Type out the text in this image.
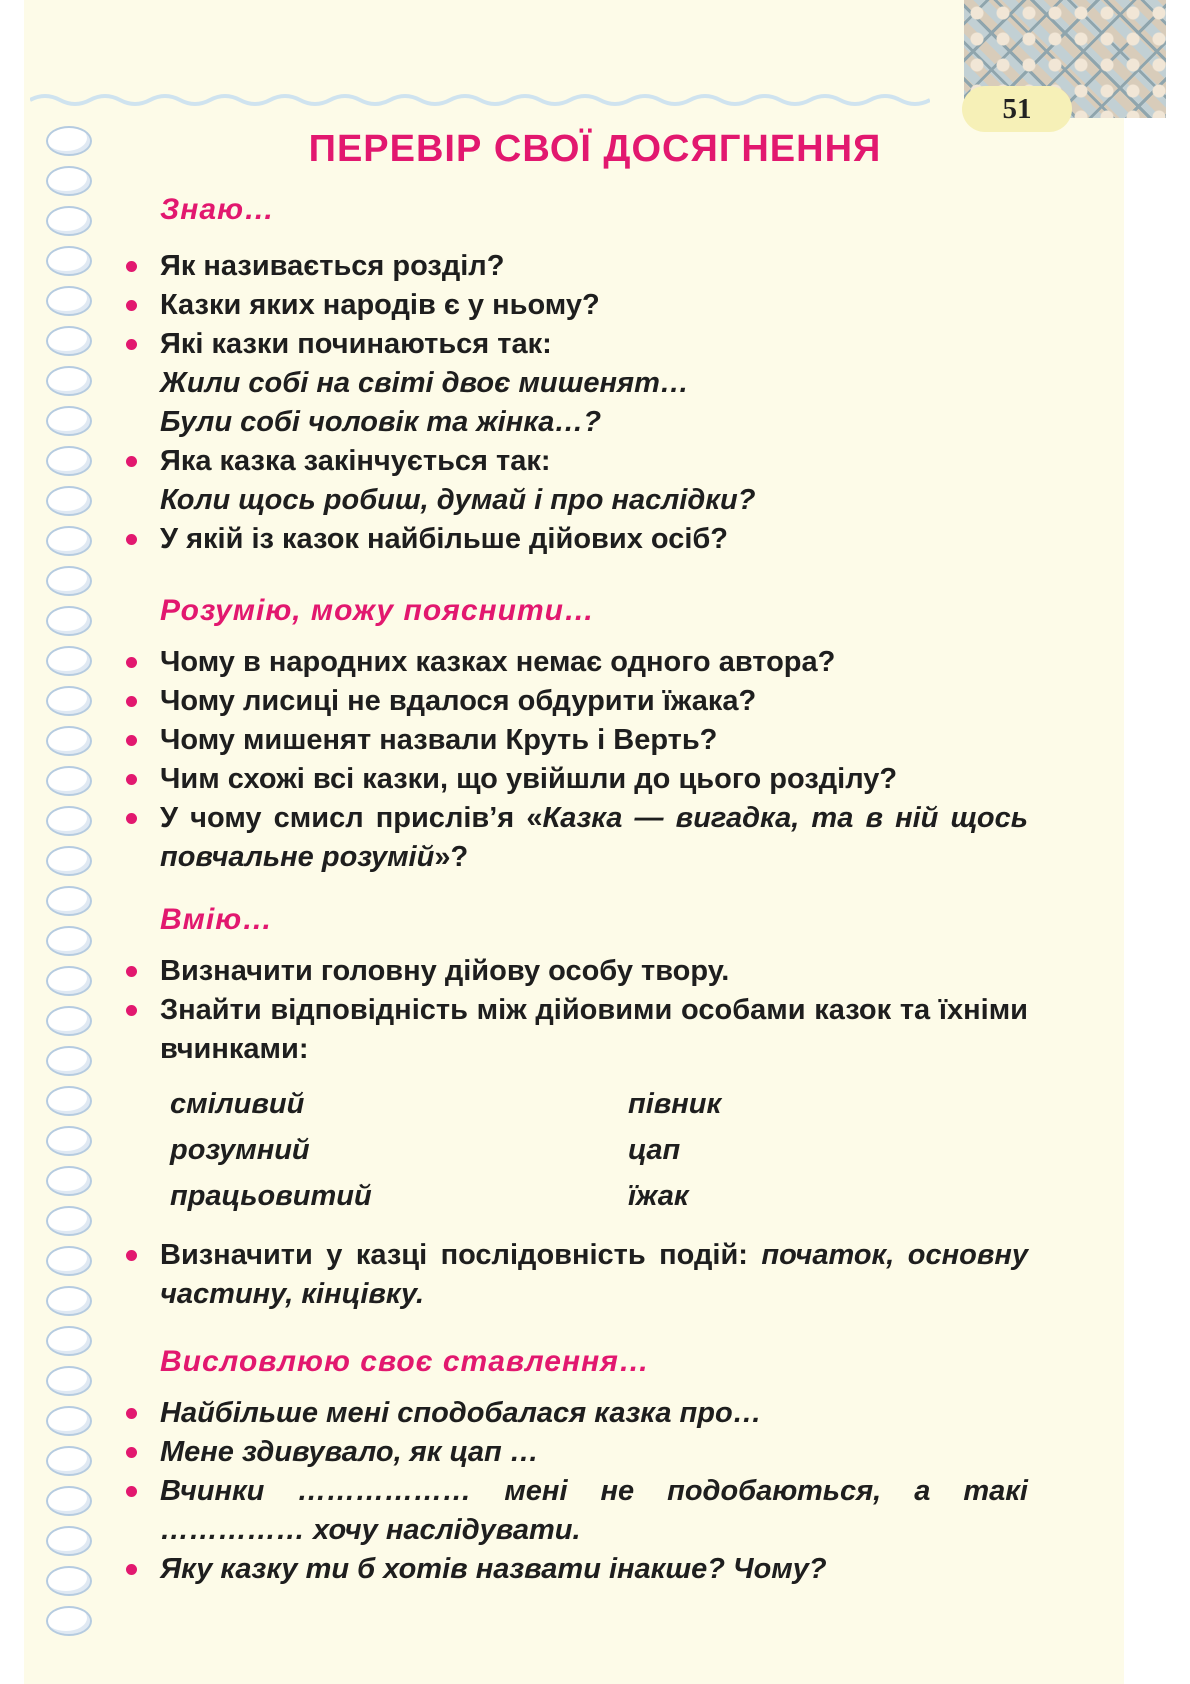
51
ПЕРЕВІР СВОЇ ДОСЯГНЕННЯ
Знаю…

Як називається розділ?

Казки яких народів є у ньому?

Які казки починаються так:

Жили собі на світі двоє мишенят…

Були собі чоловік та жінка…?

Яка казка закінчується так:

Коли щось робиш, думай і про наслідки?

У якій із казок найбільше дійових осіб?

Розумію, можу пояснити…

Чому в народних казках немає одного автора?

Чому лисиці не вдалося обдурити їжака?

Чому мишенят назвали Круть і Верть?

Чим схожі всі казки, що увійшли до цього розділу?

У чому смисл прислів’я «Казка — вигадка, та в ній щось повчальне розумій»?

Вмію…

Визначити головну дійову особу твору.

Знайти відповідність між дійовими особами казок та їхніми вчинками:

сміливий
розумний
працьовитий
півник
цап
їжак

Визначити у казці послідовність подій: початок, основну частину, кінцівку.

Висловлюю своє ставлення…

Найбільше мені сподобалася казка про…

Мене здивувало, як цап …

Вчинки ……………… мені не подобаються, а такі …………… хочу наслідувати.

Яку казку ти б хотів назвати інакше? Чому?
